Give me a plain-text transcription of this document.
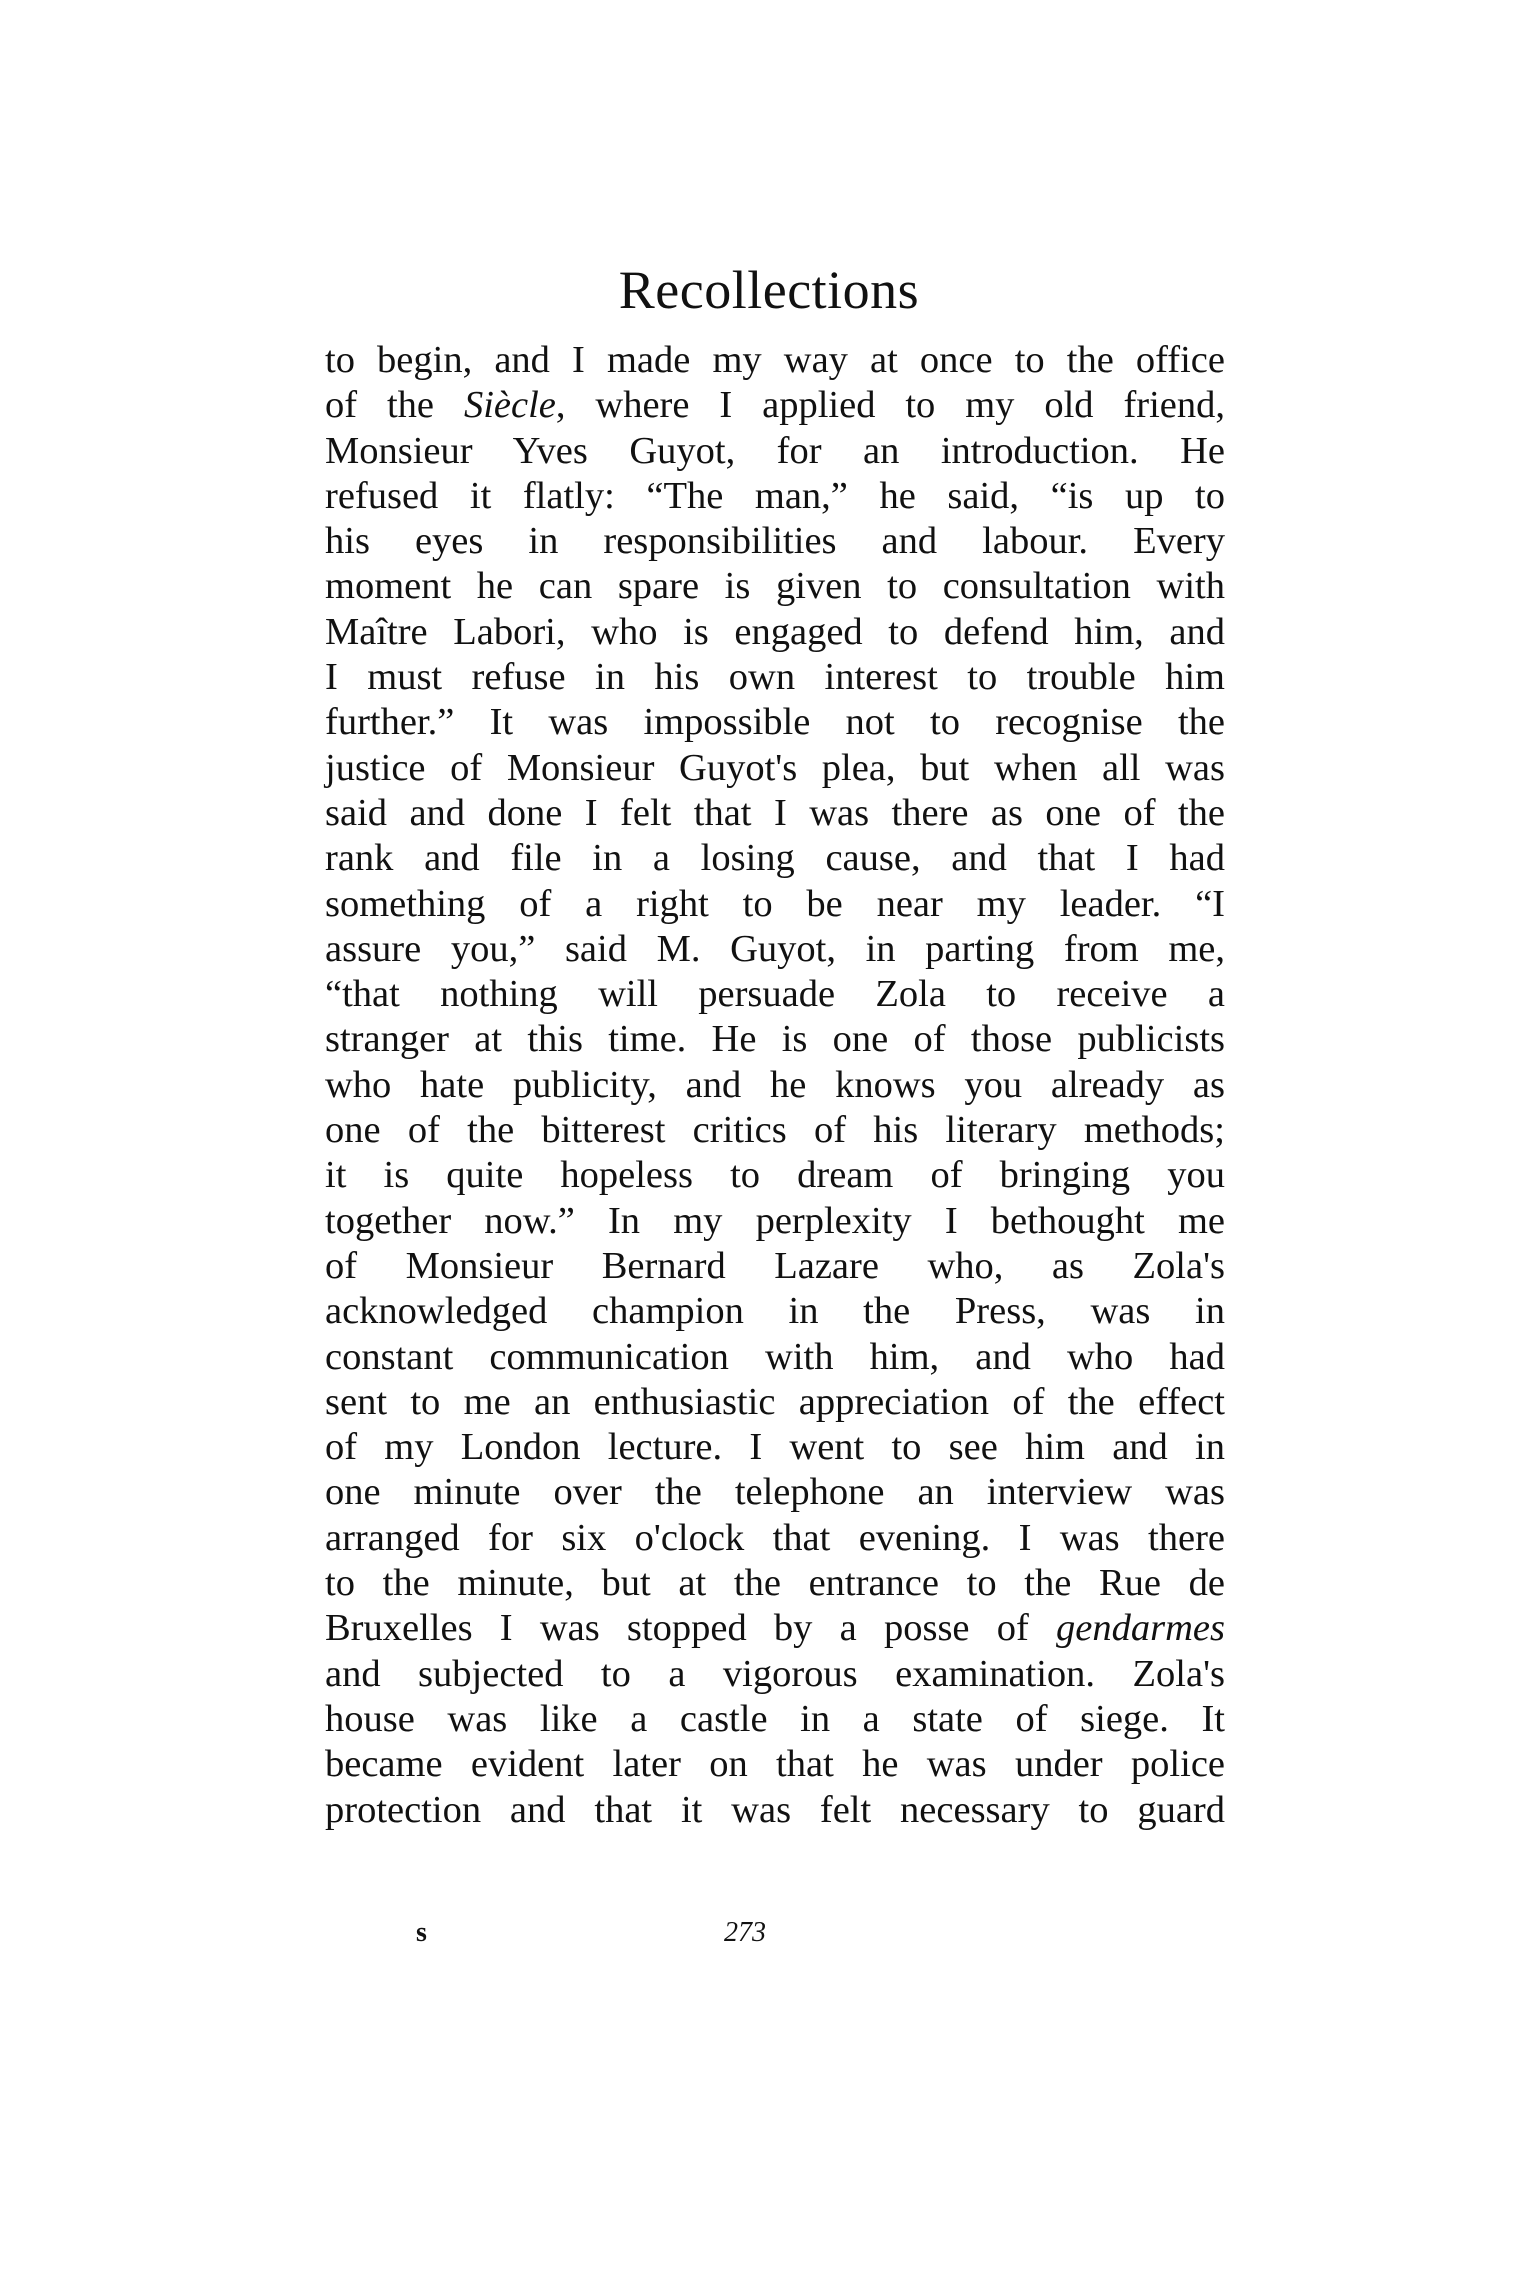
Recollections
to begin, and I made my way at once to the office
of the Siècle, where I applied to my old friend,
Monsieur Yves Guyot, for an introduction. He
refused it flatly: “The man,” he said, “is up to
his eyes in responsibilities and labour. Every
moment he can spare is given to consultation with
Maître Labori, who is engaged to defend him, and
I must refuse in his own interest to trouble him
further.” It was impossible not to recognise the
justice of Monsieur Guyot's plea, but when all was
said and done I felt that I was there as one of the
rank and file in a losing cause, and that I had
something of a right to be near my leader. “I
assure you,” said M. Guyot, in parting from me,
“that nothing will persuade Zola to receive a
stranger at this time. He is one of those publicists
who hate publicity, and he knows you already as
one of the bitterest critics of his literary methods;
it is quite hopeless to dream of bringing you
together now.” In my perplexity I bethought me
of Monsieur Bernard Lazare who, as Zola's
acknowledged champion in the Press, was in
constant communication with him, and who had
sent to me an enthusiastic appreciation of the effect
of my London lecture. I went to see him and in
one minute over the telephone an interview was
arranged for six o'clock that evening. I was there
to the minute, but at the entrance to the Rue de
Bruxelles I was stopped by a posse of gendarmes
and subjected to a vigorous examination. Zola's
house was like a castle in a state of siege. It
became evident later on that he was under police
protection and that it was felt necessary to guard
s	273
